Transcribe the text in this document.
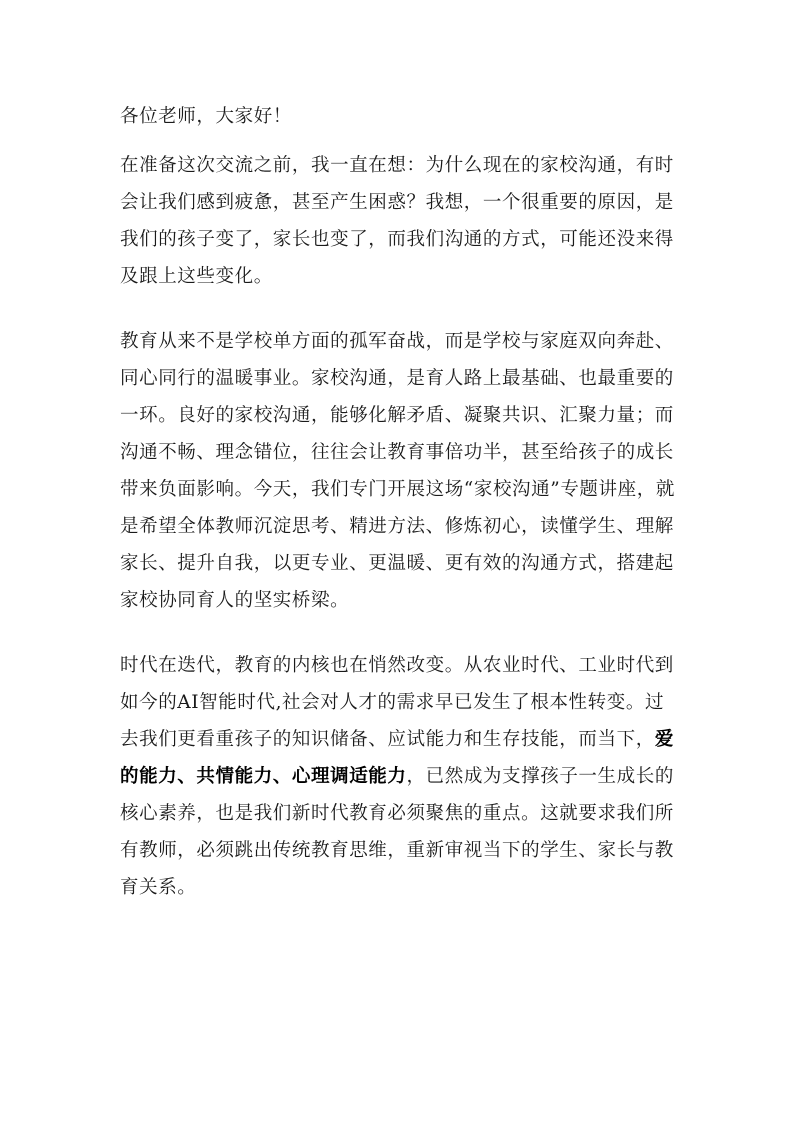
各位老师，大家好！

在准备这次交流之前，我一直在想：为什么现在的家校沟通，有时会让我们感到疲惫，甚至产生困惑？我想，一个很重要的原因，是我们的孩子变了，家长也变了，而我们沟通的方式，可能还没来得及跟上这些变化。

教育从来不是学校单方面的孤军奋战，而是学校与家庭双向奔赴、同心同行的温暖事业。家校沟通，是育人路上最基础、也最重要的一环。良好的家校沟通，能够化解矛盾、凝聚共识、汇聚力量；而沟通不畅、理念错位，往往会让教育事倍功半，甚至给孩子的成长带来负面影响。今天，我们专门开展这场“家校沟通”专题讲座，就是希望全体教师沉淀思考、精进方法、修炼初心，读懂学生、理解家长、提升自我，以更专业、更温暖、更有效的沟通方式，搭建起家校协同育人的坚实桥梁。

时代在迭代，教育的内核也在悄然改变。从农业时代、工业时代到如今的AI智能时代,社会对人才的需求早已发生了根本性转变。过去我们更看重孩子的知识储备、应试能力和生存技能，而当下，爱的能力、共情能力、心理调适能力，已然成为支撑孩子一生成长的核心素养，也是我们新时代教育必须聚焦的重点。这就要求我们所有教师，必须跳出传统教育思维，重新审视当下的学生、家长与教育关系。
